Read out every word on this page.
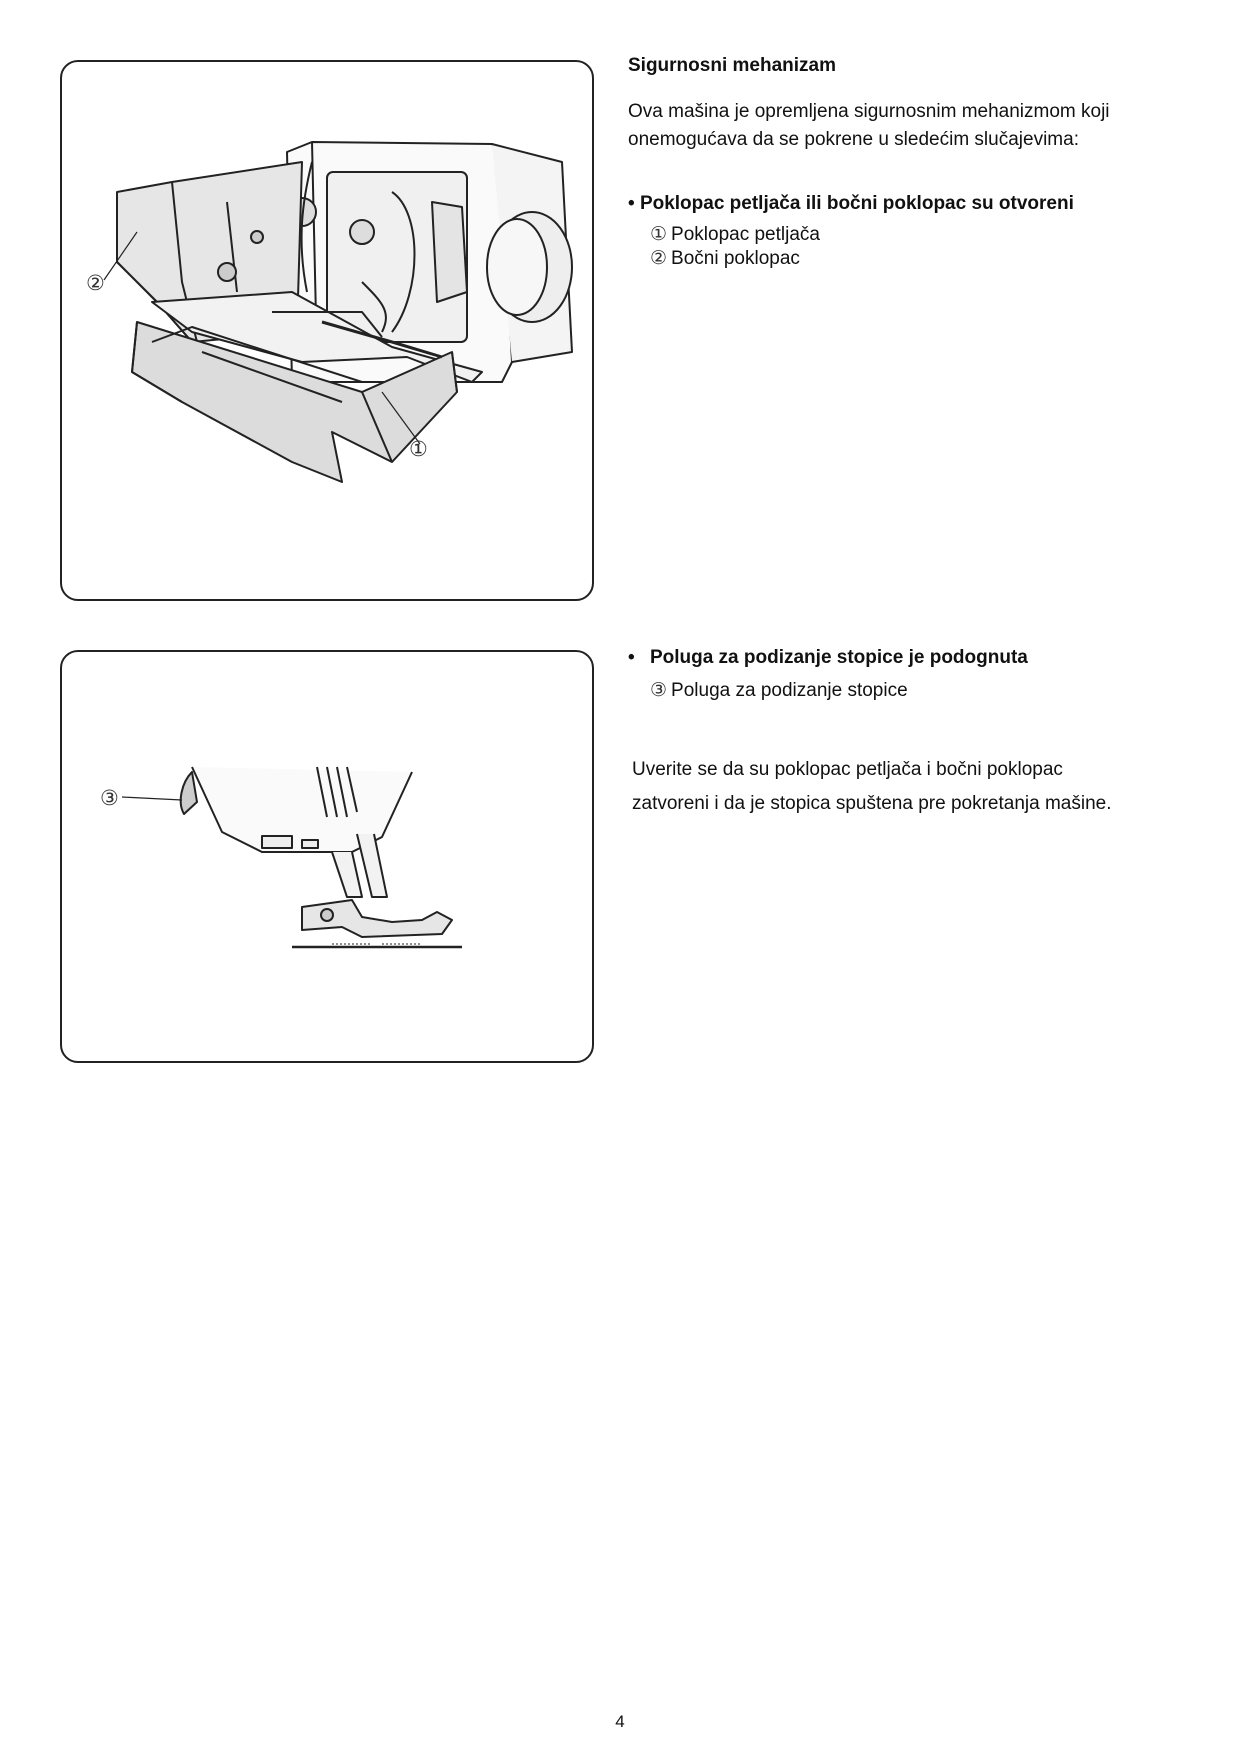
②
①
③
Sigurnosni mehanizam
Ova mašina je opremljena sigurnosnim mehanizmom koji
onemogućava da se pokrene u sledećim slučajevima:
• Poklopac petljača ili bočni poklopac su otvoreni
① Poklopac petljača
② Bočni poklopac
• Poluga za podizanje stopice je podognuta
③ Poluga za podizanje stopice
Uverite se da su poklopac petljača i bočni poklopac
zatvoreni i da je stopica spuštena pre pokretanja mašine.
4
